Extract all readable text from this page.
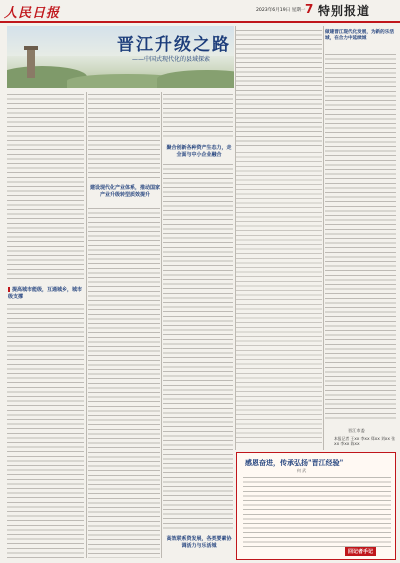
人民日报	2023年6月19日 星期一 7 特别报道
晋江升级之路
——中国式现代化的县域探索
做建晋江现代化发展，为新的乐活城，在合力中延续城
提高城市能级，互通城乡，城市级支撑
建设现代化产业体系，推动国家产业升级转型质效提升
聚合创新各种资产生态力，走全面与中小企业融合
高效联系资发展，各类要素协调活力与乐活城
晋江市委
本报记者 王XX 李XX 郑XX 刘XX 张XX 李XX 陈XX
感恩奋进，传承弘扬"晋江经验"
何 武
回记者手记
